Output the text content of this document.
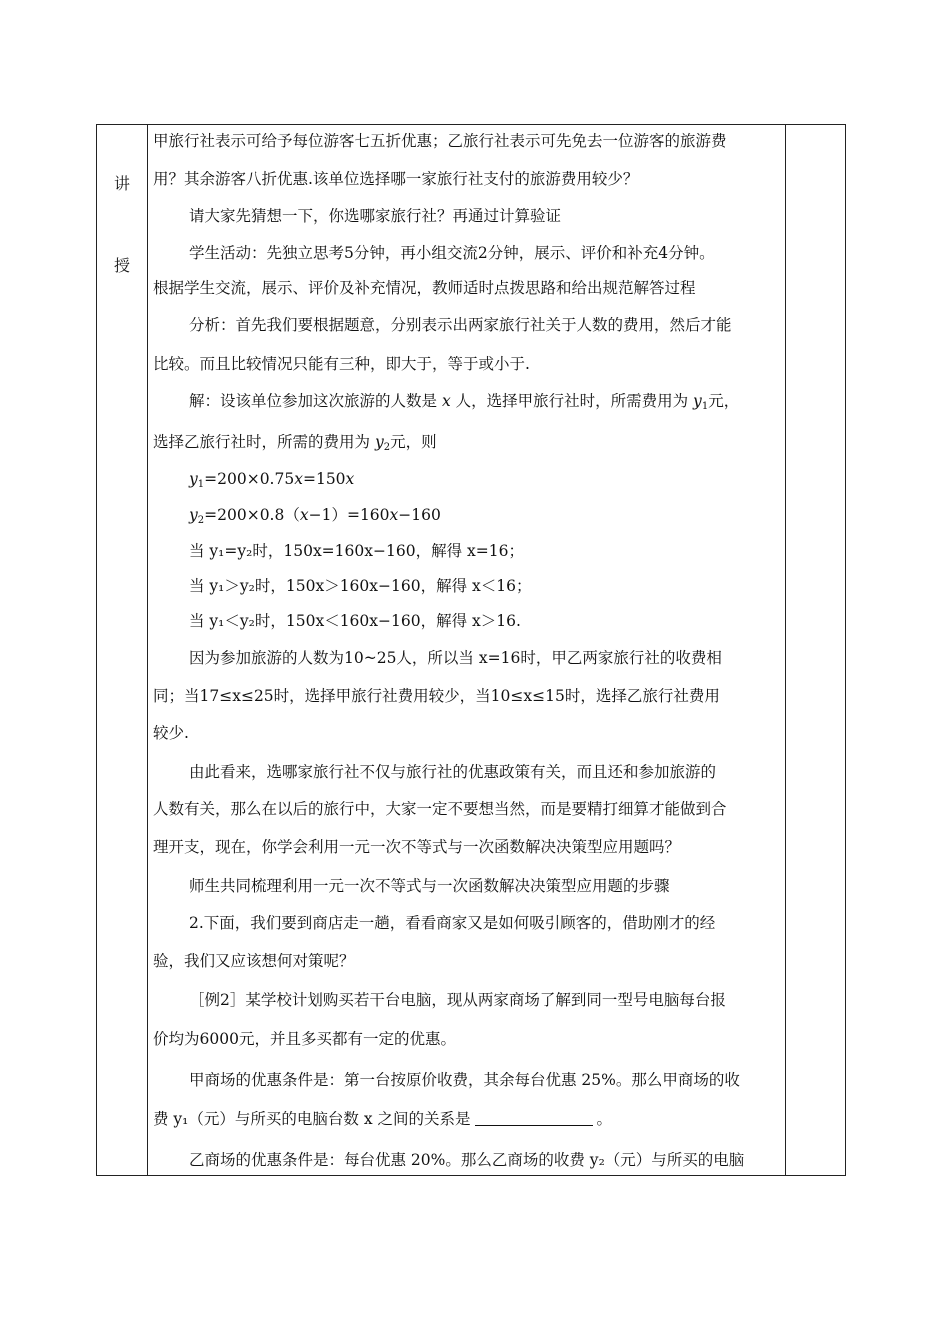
讲
授
甲旅行社表示可给予每位游客七五折优惠；乙旅行社表示可先免去一位游客的旅游费
用？其余游客八折优惠.该单位选择哪一家旅行社支付的旅游费用较少？
请大家先猜想一下，你选哪家旅行社？再通过计算验证
学生活动：先独立思考5分钟，再小组交流2分钟，展示、评价和补充4分钟。
根据学生交流，展示、评价及补充情况，教师适时点拨思路和给出规范解答过程
分析：首先我们要根据题意，分别表示出两家旅行社关于人数的费用，然后才能
比较。而且比较情况只能有三种，即大于，等于或小于.
解：设该单位参加这次旅游的人数是 x 人，选择甲旅行社时，所需费用为 $y_1$元，
选择乙旅行社时，所需的费用为 $y_2$元，则
$y_1=200\times 0.75x=150x$
$y_2=200\times 0.8(x-1)=160x-160$
当 y₁=y₂时，150x=160x−160，解得 x=16；
当 y₁＞y₂时，150x＞160x−160，解得 x＜16；
当 y₁＜y₂时，150x＜160x−160，解得 x＞16.
因为参加旅游的人数为10~25人，所以当 x=16时，甲乙两家旅行社的收费相
同；当17≤x≤25时，选择甲旅行社费用较少，当10≤x≤15时，选择乙旅行社费用
较少.
由此看来，选哪家旅行社不仅与旅行社的优惠政策有关，而且还和参加旅游的
人数有关，那么在以后的旅行中，大家一定不要想当然，而是要精打细算才能做到合
理开支，现在，你学会利用一元一次不等式与一次函数解决决策型应用题吗？
师生共同梳理利用一元一次不等式与一次函数解决决策型应用题的步骤
2.下面，我们要到商店走一趟，看看商家又是如何吸引顾客的，借助刚才的经
验，我们又应该想何对策呢？
［例2］某学校计划购买若干台电脑，现从两家商场了解到同一型号电脑每台报
价均为6000元，并且多买都有一定的优惠。
甲商场的优惠条件是：第一台按原价收费，其余每台优惠 25%。那么甲商场的收
费 y₁（元）与所买的电脑台数 x 之间的关系是	。
乙商场的优惠条件是：每台优惠 20%。那么乙商场的收费 y₂（元）与所买的电脑
